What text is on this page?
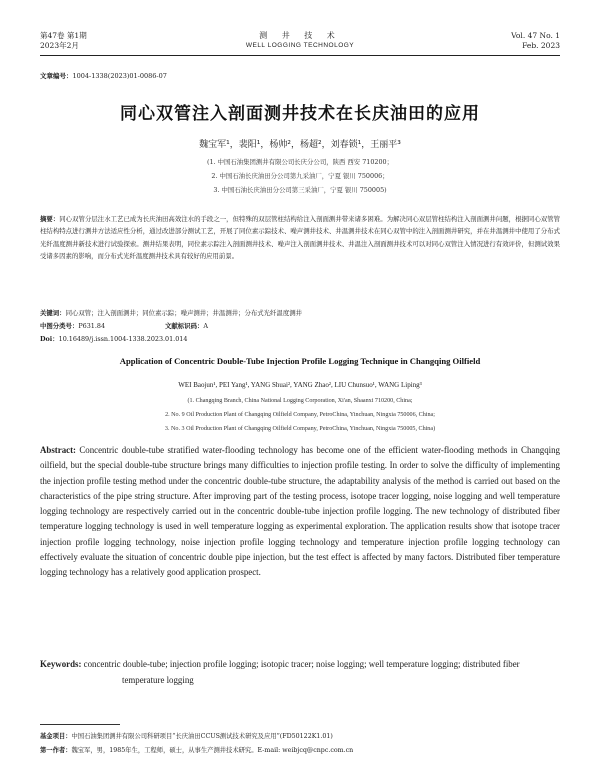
第47卷 第1期
2023年2月
测 井 技 术
WELL LOGGING TECHNOLOGY
Vol. 47 No. 1
Feb. 2023
文章编号：1004-1338(2023)01-0086-07
同心双管注入剖面测井技术在长庆油田的应用
魏宝军¹，裴阳¹，杨帅²，杨超²，刘春锁¹，王丽平³
(1. 中国石油集团测井有限公司长庆分公司，陕西 西安 710200；
2. 中国石油长庆油田分公司第九采油厂，宁夏 银川 750006；
3. 中国石油长庆油田分公司第三采油厂，宁夏 银川 750005)
摘要：同心双管分层注水工艺已成为长庆油田高效注水的手段之一，但特殊的双层管柱结构给注入剖面测井带来诸多困难。为解决同心双层管柱结构注入剖面测井问题，根据同心双管管柱结构特点进行测井方法适应性分析，通过改进部分测试工艺，开展了同位素示踪技术、噪声测井技术、井温测井技术在同心双管中的注入剖面测井研究，并在井温测井中使用了分布式光纤温度测井新技术进行试验探索。测井结果表明，同位素示踪注入剖面测井技术、噪声注入剖面测井技术、井温注入剖面测井技术可以对同心双管注入情况进行有效评价，但测试效果受诸多因素的影响，而分布式光纤温度测井技术具有较好的应用前景。
关键词：同心双管；注入剖面测井；同位素示踪；噪声测井；井温测井；分布式光纤温度测井
中图分类号：P631.84	文献标识码：A
Doi：10.16489/j.issn.1004-1338.2023.01.014
Application of Concentric Double-Tube Injection Profile Logging Technique in Changqing Oilfield
WEI Baojun¹, PEI Yang¹, YANG Shuai², YANG Zhao², LIU Chunsuo¹, WANG Liping³
(1. Changqing Branch, China National Logging Corporation, Xi'an, Shaanxi 710200, China;
2. No. 9 Oil Production Plant of Changqing Oilfield Company, PetroChina, Yinchuan, Ningxia 750006, China;
3. No. 3 Oil Production Plant of Changqing Oilfield Company, PetroChina, Yinchuan, Ningxia 750005, China)
Abstract: Concentric double-tube stratified water-flooding technology has become one of the efficient water-flooding methods in Changqing oilfield, but the special double-tube structure brings many difficulties to injection profile testing. In order to solve the difficulty of implementing the injection profile testing method under the concentric double-tube structure, the adaptability analysis of the method is carried out based on the characteristics of the pipe string structure. After improving part of the testing process, isotope tracer logging, noise logging and well temperature logging technology are respectively carried out in the concentric double-tube injection profile logging. The new technology of distributed fiber temperature logging technology is used in well temperature logging as experimental exploration. The application results show that isotope tracer injection profile logging technology, noise injection profile logging technology and temperature injection profile logging technology can effectively evaluate the situation of concentric double pipe injection, but the test effect is affected by many factors. Distributed fiber temperature logging technology has a relatively good application prospect.
Keywords: concentric double-tube; injection profile logging; isotopic tracer; noise logging; well temperature logging; distributed fiber temperature logging
基金项目：中国石油集团测井有限公司科研项目“长庆油田CCUS测试技术研究及应用”(FD50122K1.01)
第一作者：魏宝军，男，1985年生，工程师，硕士，从事生产测井技术研究。E-mail: weibjcq@cnpc.com.cn
